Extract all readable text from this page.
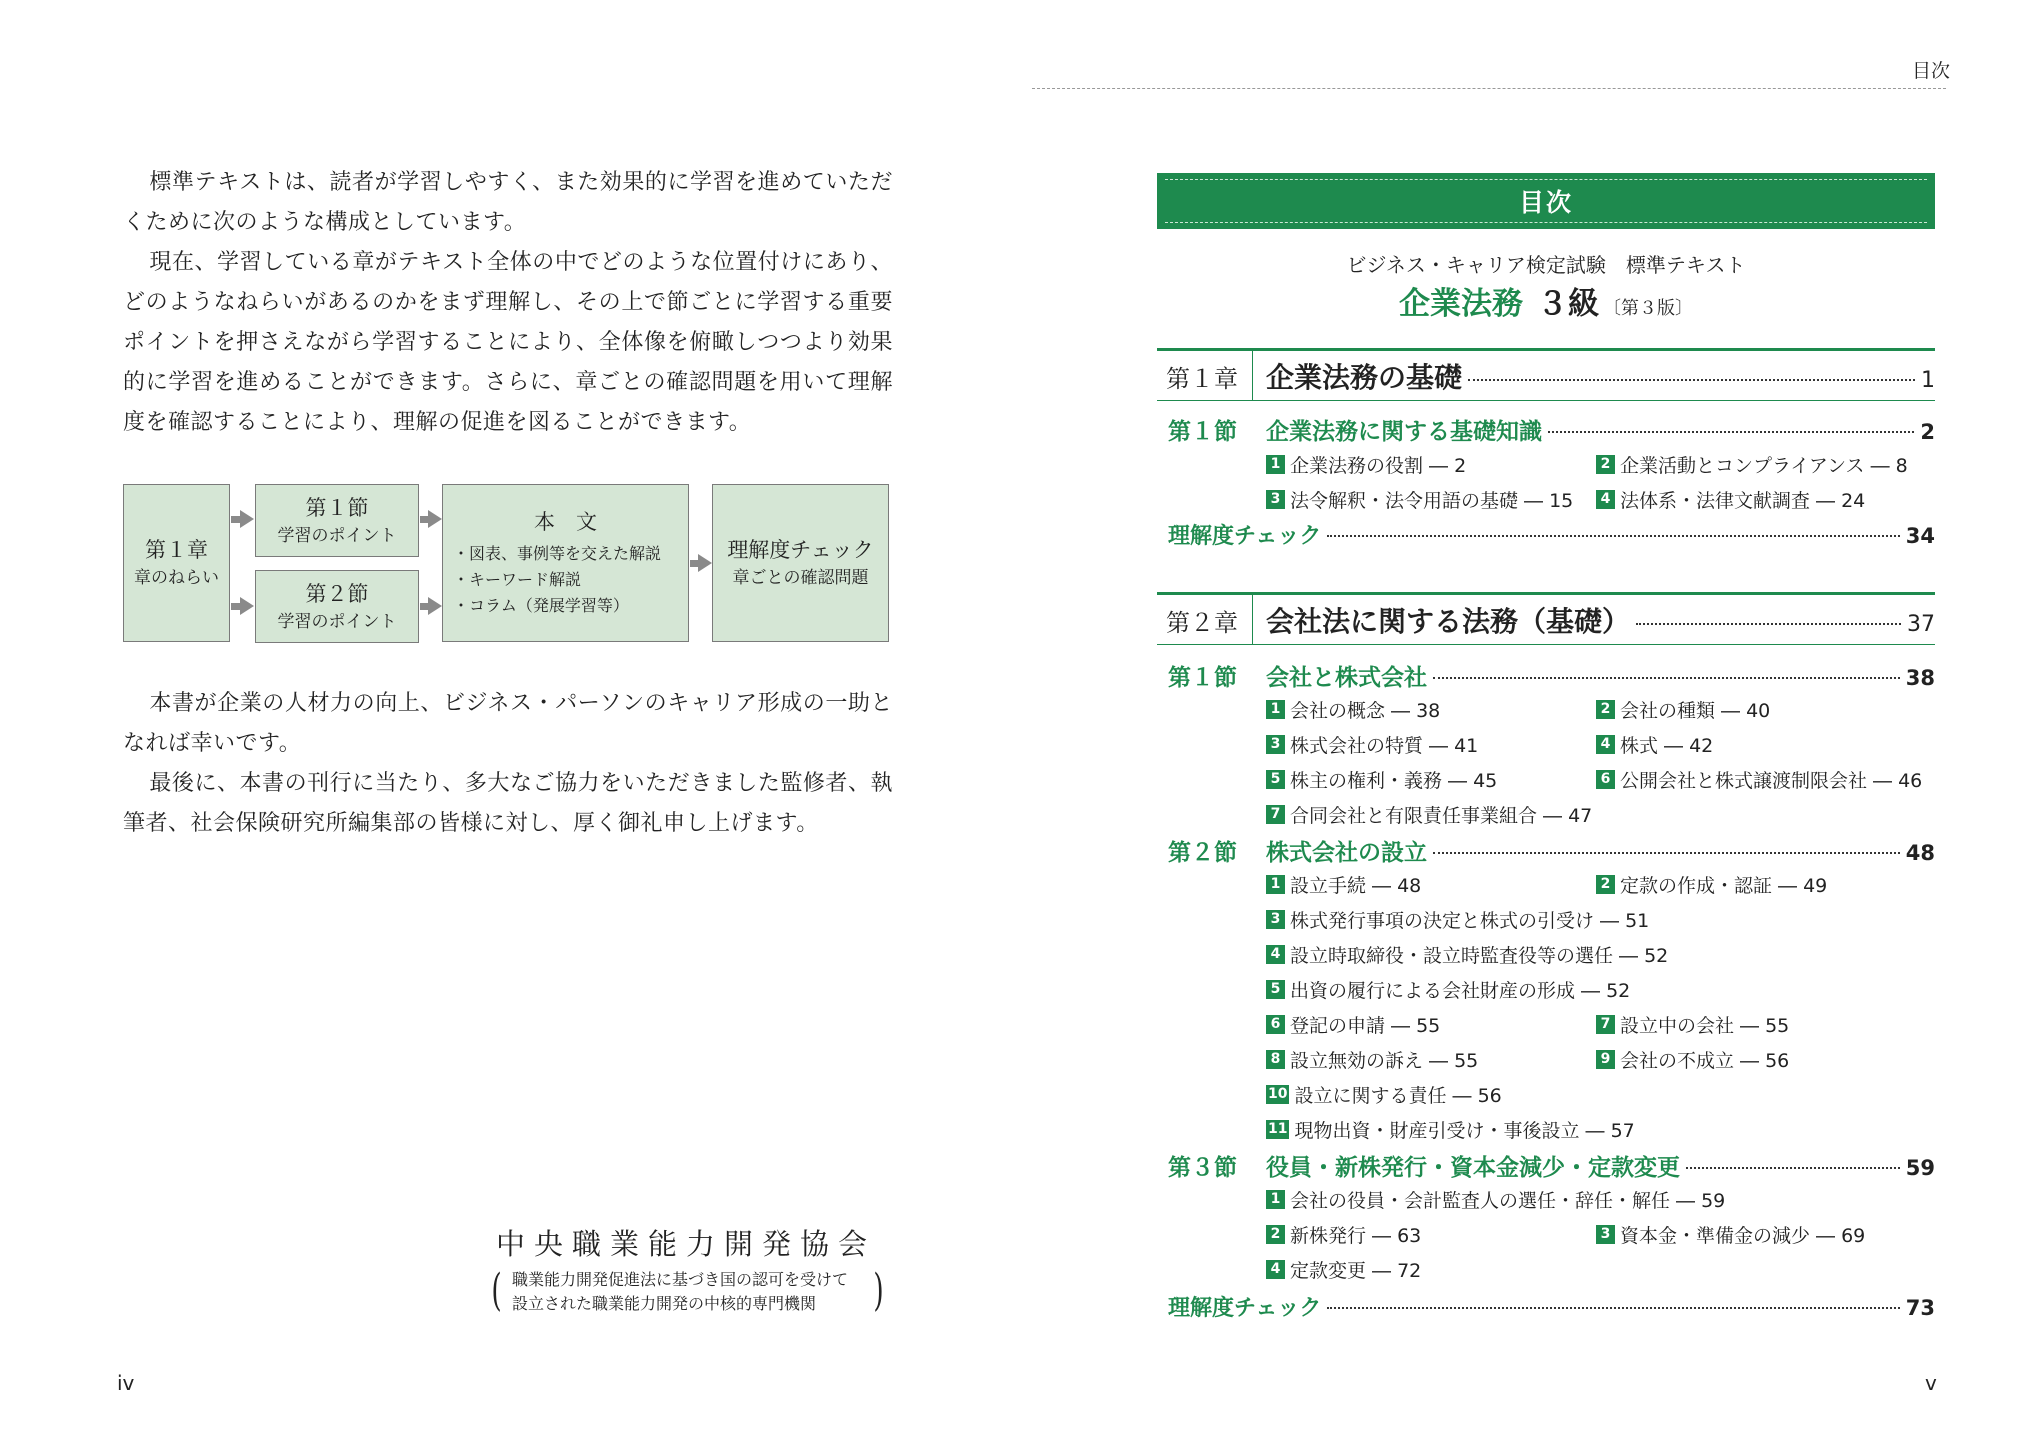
標準テキストは、読者が学習しやすく、また効果的に学習を進めていただくために次のような構成としています。

現在、学習している章がテキスト全体の中でどのような位置付けにあり、どのようなねらいがあるのかをまず理解し、その上で節ごとに学習する重要ポイントを押さえながら学習することにより、全体像を俯瞰しつつより効果的に学習を進めることができます。さらに、章ごとの確認問題を用いて理解度を確認することにより、理解の促進を図ることができます。

第１章
章のねらい
第１節
学習のポイント
第２節
学習のポイント
本　文
・図表、事例等を交えた解説
・キーワード解説
・コラム（発展学習等）
理解度チェック
章ごとの確認問題

本書が企業の人材力の向上、ビジネス・パーソンのキャリア形成の一助となれば幸いです。

最後に、本書の刊行に当たり、多大なご協力をいただきました監修者、執筆者、社会保険研究所編集部の皆様に対し、厚く御礼申し上げます。

中央職業能力開発協会
( 職業能力開発促進法に基づき国の認可を受けて
設立された職業能力開発の中核的専門機関	)
iv
目次
目次
ビジネス・キャリア検定試験　標準テキスト
企業法務 ３級 〔第３版〕
第１章 企業法務の基礎	1
第１節 企業法務に関する基礎知識	2
1 企業法務の役割 ― 2	2 企業活動とコンプライアンス ― 8
3 法令解釈・法令用語の基礎 ― 15	4 法体系・法律文献調査 ― 24
理解度チェック	34
第２章 会社法に関する法務（基礎）	37
第１節 会社と株式会社	38
1 会社の概念 ― 38	2 会社の種類 ― 40
3 株式会社の特質 ― 41	4 株式 ― 42
5 株主の権利・義務 ― 45	6 公開会社と株式譲渡制限会社 ― 46
7 合同会社と有限責任事業組合 ― 47
第２節 株式会社の設立	48
1 設立手続 ― 48	2 定款の作成・認証 ― 49
3 株式発行事項の決定と株式の引受け ― 51
4 設立時取締役・設立時監査役等の選任 ― 52
5 出資の履行による会社財産の形成 ― 52
6 登記の申請 ― 55	7 設立中の会社 ― 55
8 設立無効の訴え ― 55	9 会社の不成立 ― 56
10 設立に関する責任 ― 56
11 現物出資・財産引受け・事後設立 ― 57
第３節 役員・新株発行・資本金減少・定款変更	59
1 会社の役員・会計監査人の選任・辞任・解任 ― 59
2 新株発行 ― 63	3 資本金・準備金の減少 ― 69
4 定款変更 ― 72
理解度チェック	73
v
